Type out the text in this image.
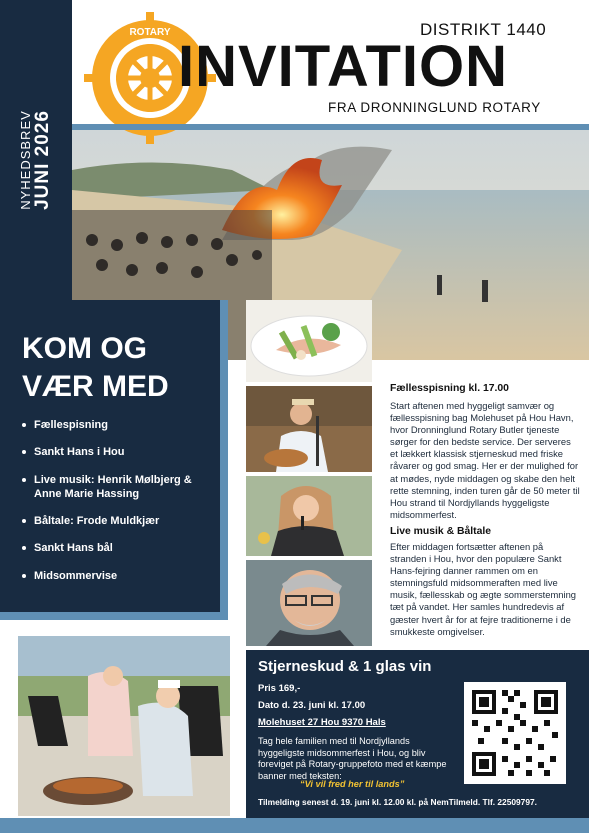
NYHEDSBREV
JUNI 2026
ROTARY	DISTRIKT 1440
INVITATION
FRA DRONNINGLUND ROTARY
KOM OG
VÆR MED
Fællespisning
Sankt Hans i Hou
Live musik: Henrik Mølbjerg & Anne Marie Hassing
Båltale: Frode Muldkjær
Sankt Hans bål
Midsommervise
Fællesspisning kl. 17.00
Start aftenen med hyggeligt samvær og fællesspisning bag Molehuset på Hou Havn, hvor Dronninglund Rotary Butler tjeneste sørger for den bedste service. Der serveres et lækkert klassisk stjerneskud med friske råvarer og god smag. Her er der mulighed for at mødes, nyde middagen og skabe den helt rette stemning, inden turen går de 50 meter til Hou strand til Nordjyllands hyggeligste midsommerfest.
Live musik & Båltale
Efter middagen fortsætter aftenen på stranden i Hou, hvor den populære Sankt Hans-fejring danner rammen om en stemningsfuld midsommeraften med live musik, fællesskab og ægte sommerstemning tæt på vandet. Her samles hundredevis af gæster hvert år for at fejre traditionerne i de smukkeste omgivelser.
Stjerneskud & 1 glas vin
Pris 169,-
Dato d. 23. juni kl. 17.00
Molehuset 27 Hou 9370 Hals
Tag hele familien med til Nordjyllands hyggeligste midsommerfest i Hou, og bliv foreviget på Rotary-gruppefoto med et kæmpe banner med teksten:
“Vi vil fred her til lands”
Tilmelding senest d. 19. juni kl. 12.00 kl. på NemTilmeld. Tlf. 22509797.
